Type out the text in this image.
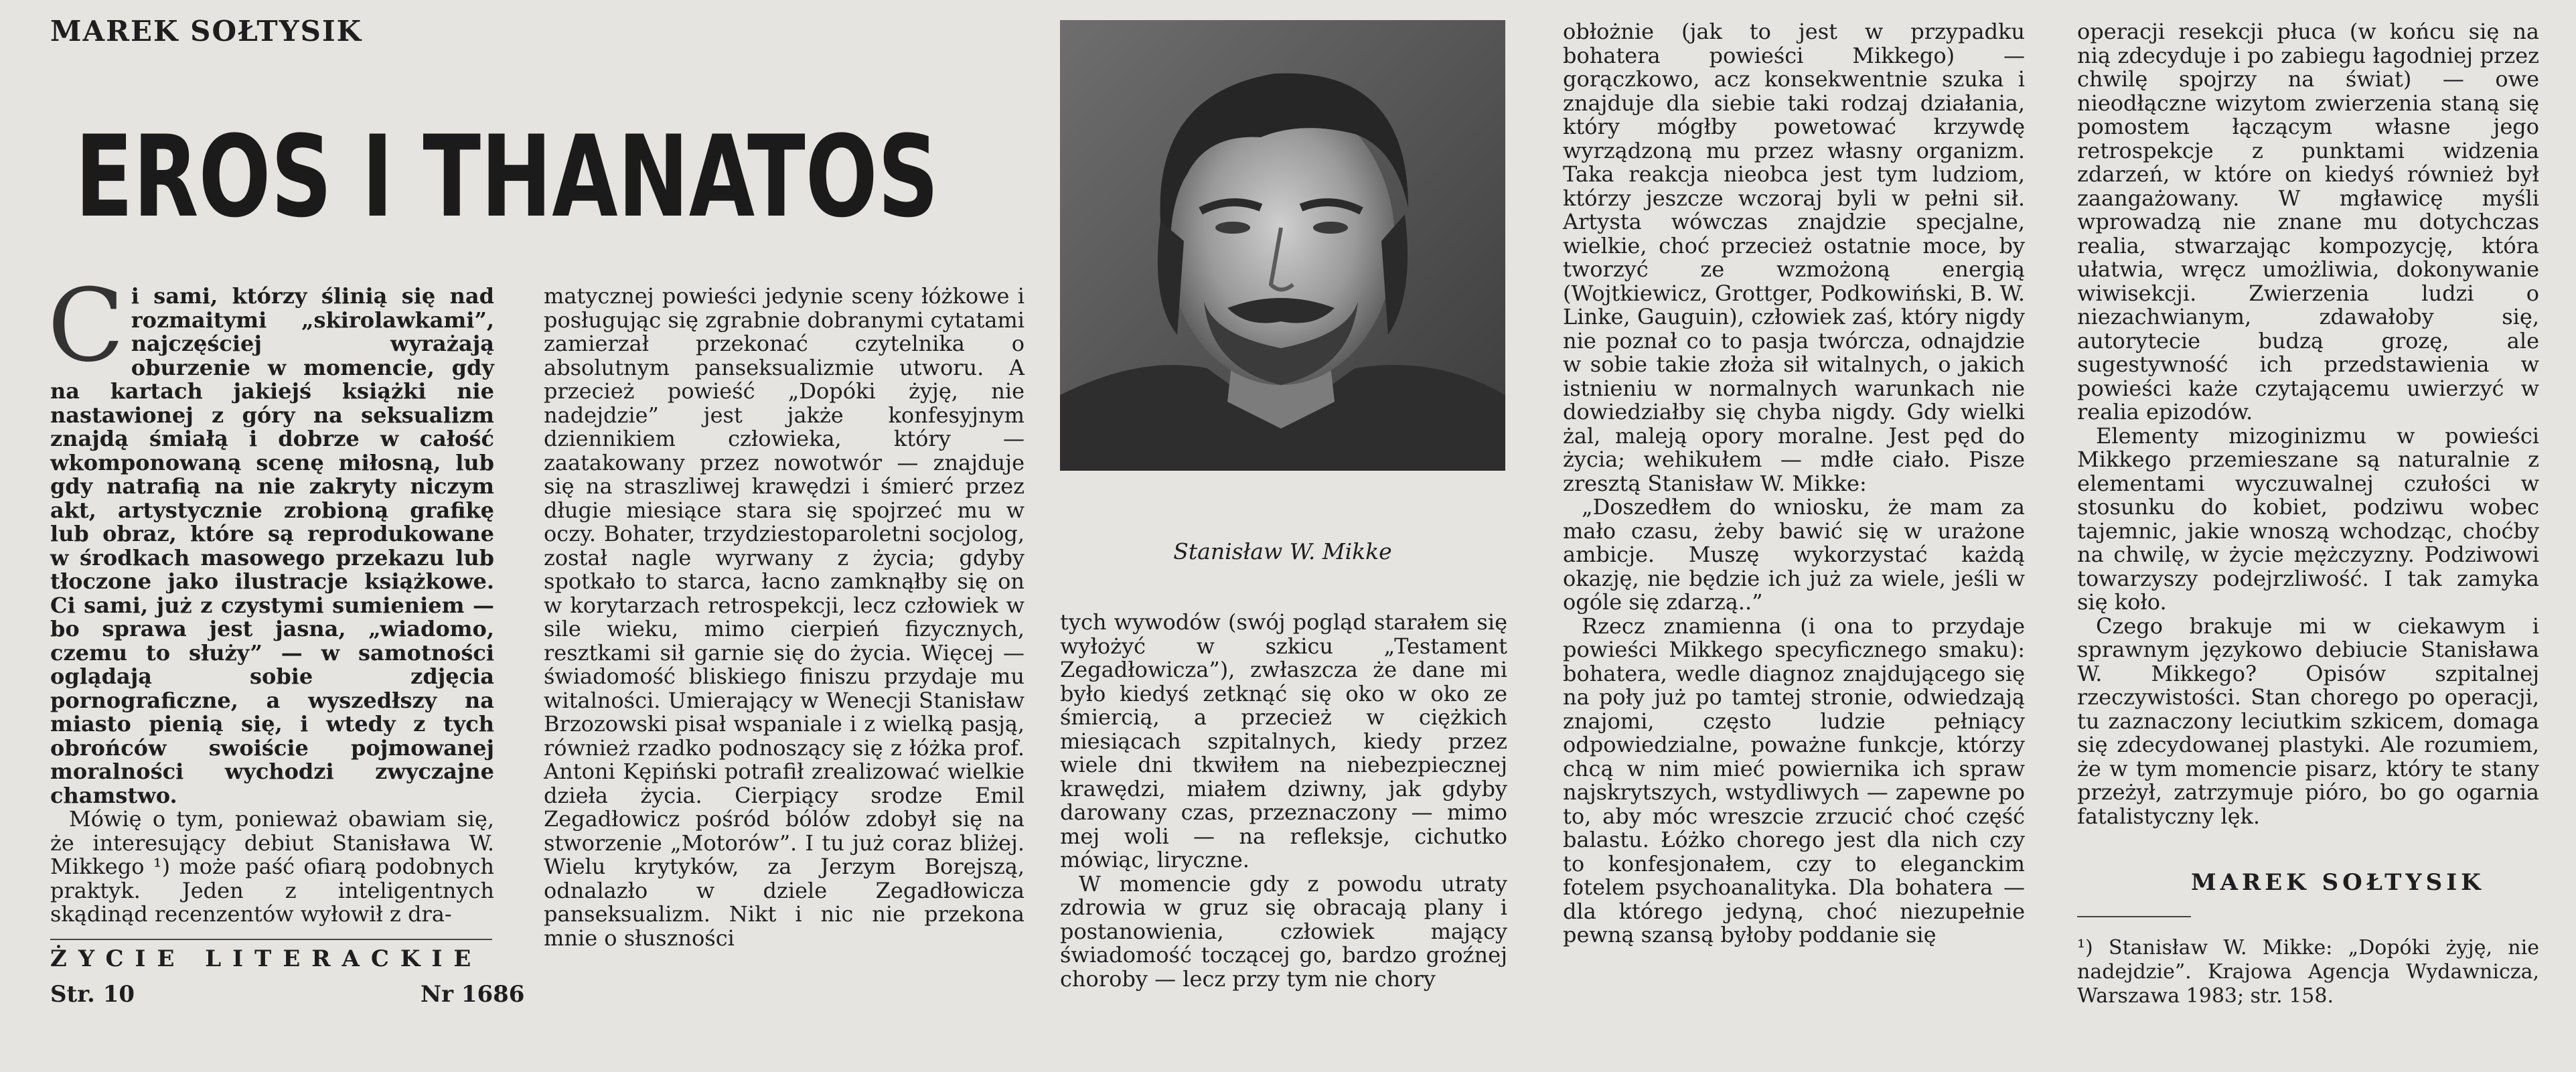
MAREK SOŁTYSIK
EROS I THANATOS

Ci sami, którzy ślinią się nad rozmaitymi „skirolawkami”, najczęściej wyrażają oburzenie w momencie, gdy na kartach jakiejś książki nie nastawionej z góry na seksualizm znajdą śmiałą i dobrze w całość wkomponowaną scenę miłosną, lub gdy natrafią na nie zakryty niczym akt, artystycznie zrobioną grafikę lub obraz, które są reprodukowane w środkach masowego przekazu lub tłoczone jako ilustracje książkowe. Ci sami, już z czystymi sumieniem — bo sprawa jest jasna, „wiadomo, czemu to służy” — w samotności oglądają sobie zdjęcia pornograficzne, a wyszedłszy na miasto pienią się, i wtedy z tych obrońców swoiście pojmowanej moralności wychodzi zwyczajne chamstwo.

Mówię o tym, ponieważ obawiam się, że interesujący debiut Stanisława W. Mikkego ¹) może paść ofiarą podobnych praktyk. Jeden z inteligentnych skądinąd recenzentów wyłowił z dra-

ŻYCIE LITERACKIE
Str. 10	Nr 1686

matycznej powieści jedynie sceny łóżkowe i posługując się zgrabnie dobranymi cytatami zamierzał przekonać czytelnika o absolutnym panseksualizmie utworu. A przecież powieść „Dopóki żyję, nie nadejdzie” jest jakże konfesyjnym dziennikiem człowieka, który — zaatakowany przez nowotwór — znajduje się na straszliwej krawędzi i śmierć przez długie miesiące stara się spojrzeć mu w oczy. Bohater, trzydziestoparoletni socjolog, został nagle wyrwany z życia; gdyby spotkało to starca, łacno zamknąłby się on w korytarzach retrospekcji, lecz człowiek w sile wieku, mimo cierpień fizycznych, resztkami sił garnie się do życia. Więcej — świadomość bliskiego finiszu przydaje mu witalności. Umierający w Wenecji Stanisław Brzozowski pisał wspaniale i z wielką pasją, również rzadko podnoszący się z łóżka prof. Antoni Kępiński potrafił zrealizować wielkie dzieła życia. Cierpiący srodze Emil Zegadłowicz pośród bólów zdobył się na stworzenie „Motorów”. I tu już coraz bliżej. Wielu krytyków, za Jerzym Borejszą, odnalazło w dziele Zegadłowicza panseksualizm. Nikt i nic nie przekona mnie o słuszności

Stanisław W. Mikke

tych wywodów (swój pogląd starałem się wyłożyć w szkicu „Testament Zegadłowicza”), zwłaszcza że dane mi było kiedyś zetknąć się oko w oko ze śmiercią, a przecież w ciężkich miesiącach szpitalnych, kiedy przez wiele dni tkwiłem na niebezpiecznej krawędzi, miałem dziwny, jak gdyby darowany czas, przeznaczony — mimo mej woli — na refleksje, cichutko mówiąc, liryczne.

W momencie gdy z powodu utraty zdrowia w gruz się obracają plany i postanowienia, człowiek mający świadomość toczącej go, bardzo groźnej choroby — lecz przy tym nie chory

obłożnie (jak to jest w przypadku bohatera powieści Mikkego) — gorączkowo, acz konsekwentnie szuka i znajduje dla siebie taki rodzaj działania, który mógłby powetować krzywdę wyrządzoną mu przez własny organizm. Taka reakcja nieobca jest tym ludziom, którzy jeszcze wczoraj byli w pełni sił. Artysta wówczas znajdzie specjalne, wielkie, choć przecież ostatnie moce, by tworzyć ze wzmożoną energią (Wojtkiewicz, Grottger, Podkowiński, B. W. Linke, Gauguin), człowiek zaś, który nigdy nie poznał co to pasja twórcza, odnajdzie w sobie takie złoża sił witalnych, o jakich istnieniu w normalnych warunkach nie dowiedziałby się chyba nigdy. Gdy wielki żal, maleją opory moralne. Jest pęd do życia; wehikułem — mdłe ciało. Pisze zresztą Stanisław W. Mikke:

„Doszedłem do wniosku, że mam za mało czasu, żeby bawić się w urażone ambicje. Muszę wykorzystać każdą okazję, nie będzie ich już za wiele, jeśli w ogóle się zdarzą..”

Rzecz znamienna (i ona to przydaje powieści Mikkego specyficznego smaku): bohatera, wedle diagnoz znajdującego się na poły już po tamtej stronie, odwiedzają znajomi, często ludzie pełniący odpowiedzialne, poważne funkcje, którzy chcą w nim mieć powiernika ich spraw najskrytszych, wstydliwych — zapewne po to, aby móc wreszcie zrzucić choć część balastu. Łóżko chorego jest dla nich czy to konfesjonałem, czy to eleganckim fotelem psychoanalityka. Dla bohatera — dla którego jedyną, choć niezupełnie pewną szansą byłoby poddanie się

operacji resekcji płuca (w końcu się na nią zdecyduje i po zabiegu łagodniej przez chwilę spojrzy na świat) — owe nieodłączne wizytom zwierzenia staną się pomostem łączącym własne jego retrospekcje z punktami widzenia zdarzeń, w które on kiedyś również był zaangażowany. W mgławicę myśli wprowadzą nie znane mu dotychczas realia, stwarzając kompozycję, która ułatwia, wręcz umożliwia, dokonywanie wiwisekcji. Zwierzenia ludzi o niezachwianym, zdawałoby się, autorytecie budzą grozę, ale sugestywność ich przedstawienia w powieści każe czytającemu uwierzyć w realia epizodów.

Elementy mizoginizmu w powieści Mikkego przemieszane są naturalnie z elementami wyczuwalnej czułości w stosunku do kobiet, podziwu wobec tajemnic, jakie wnoszą wchodząc, choćby na chwilę, w życie mężczyzny. Podziwowi towarzyszy podejrzliwość. I tak zamyka się koło.

Czego brakuje mi w ciekawym i sprawnym językowo debiucie Stanisława W. Mikkego? Opisów szpitalnej rzeczywistości. Stan chorego po operacji, tu zaznaczony leciutkim szkicem, domaga się zdecydowanej plastyki. Ale rozumiem, że w tym momencie pisarz, który te stany przeżył, zatrzymuje pióro, bo go ogarnia fatalistyczny lęk.

MAREK SOŁTYSIK
¹) Stanisław W. Mikke: „Dopóki żyję, nie nadejdzie”. Krajowa Agencja Wydawnicza, Warszawa 1983; str. 158.
